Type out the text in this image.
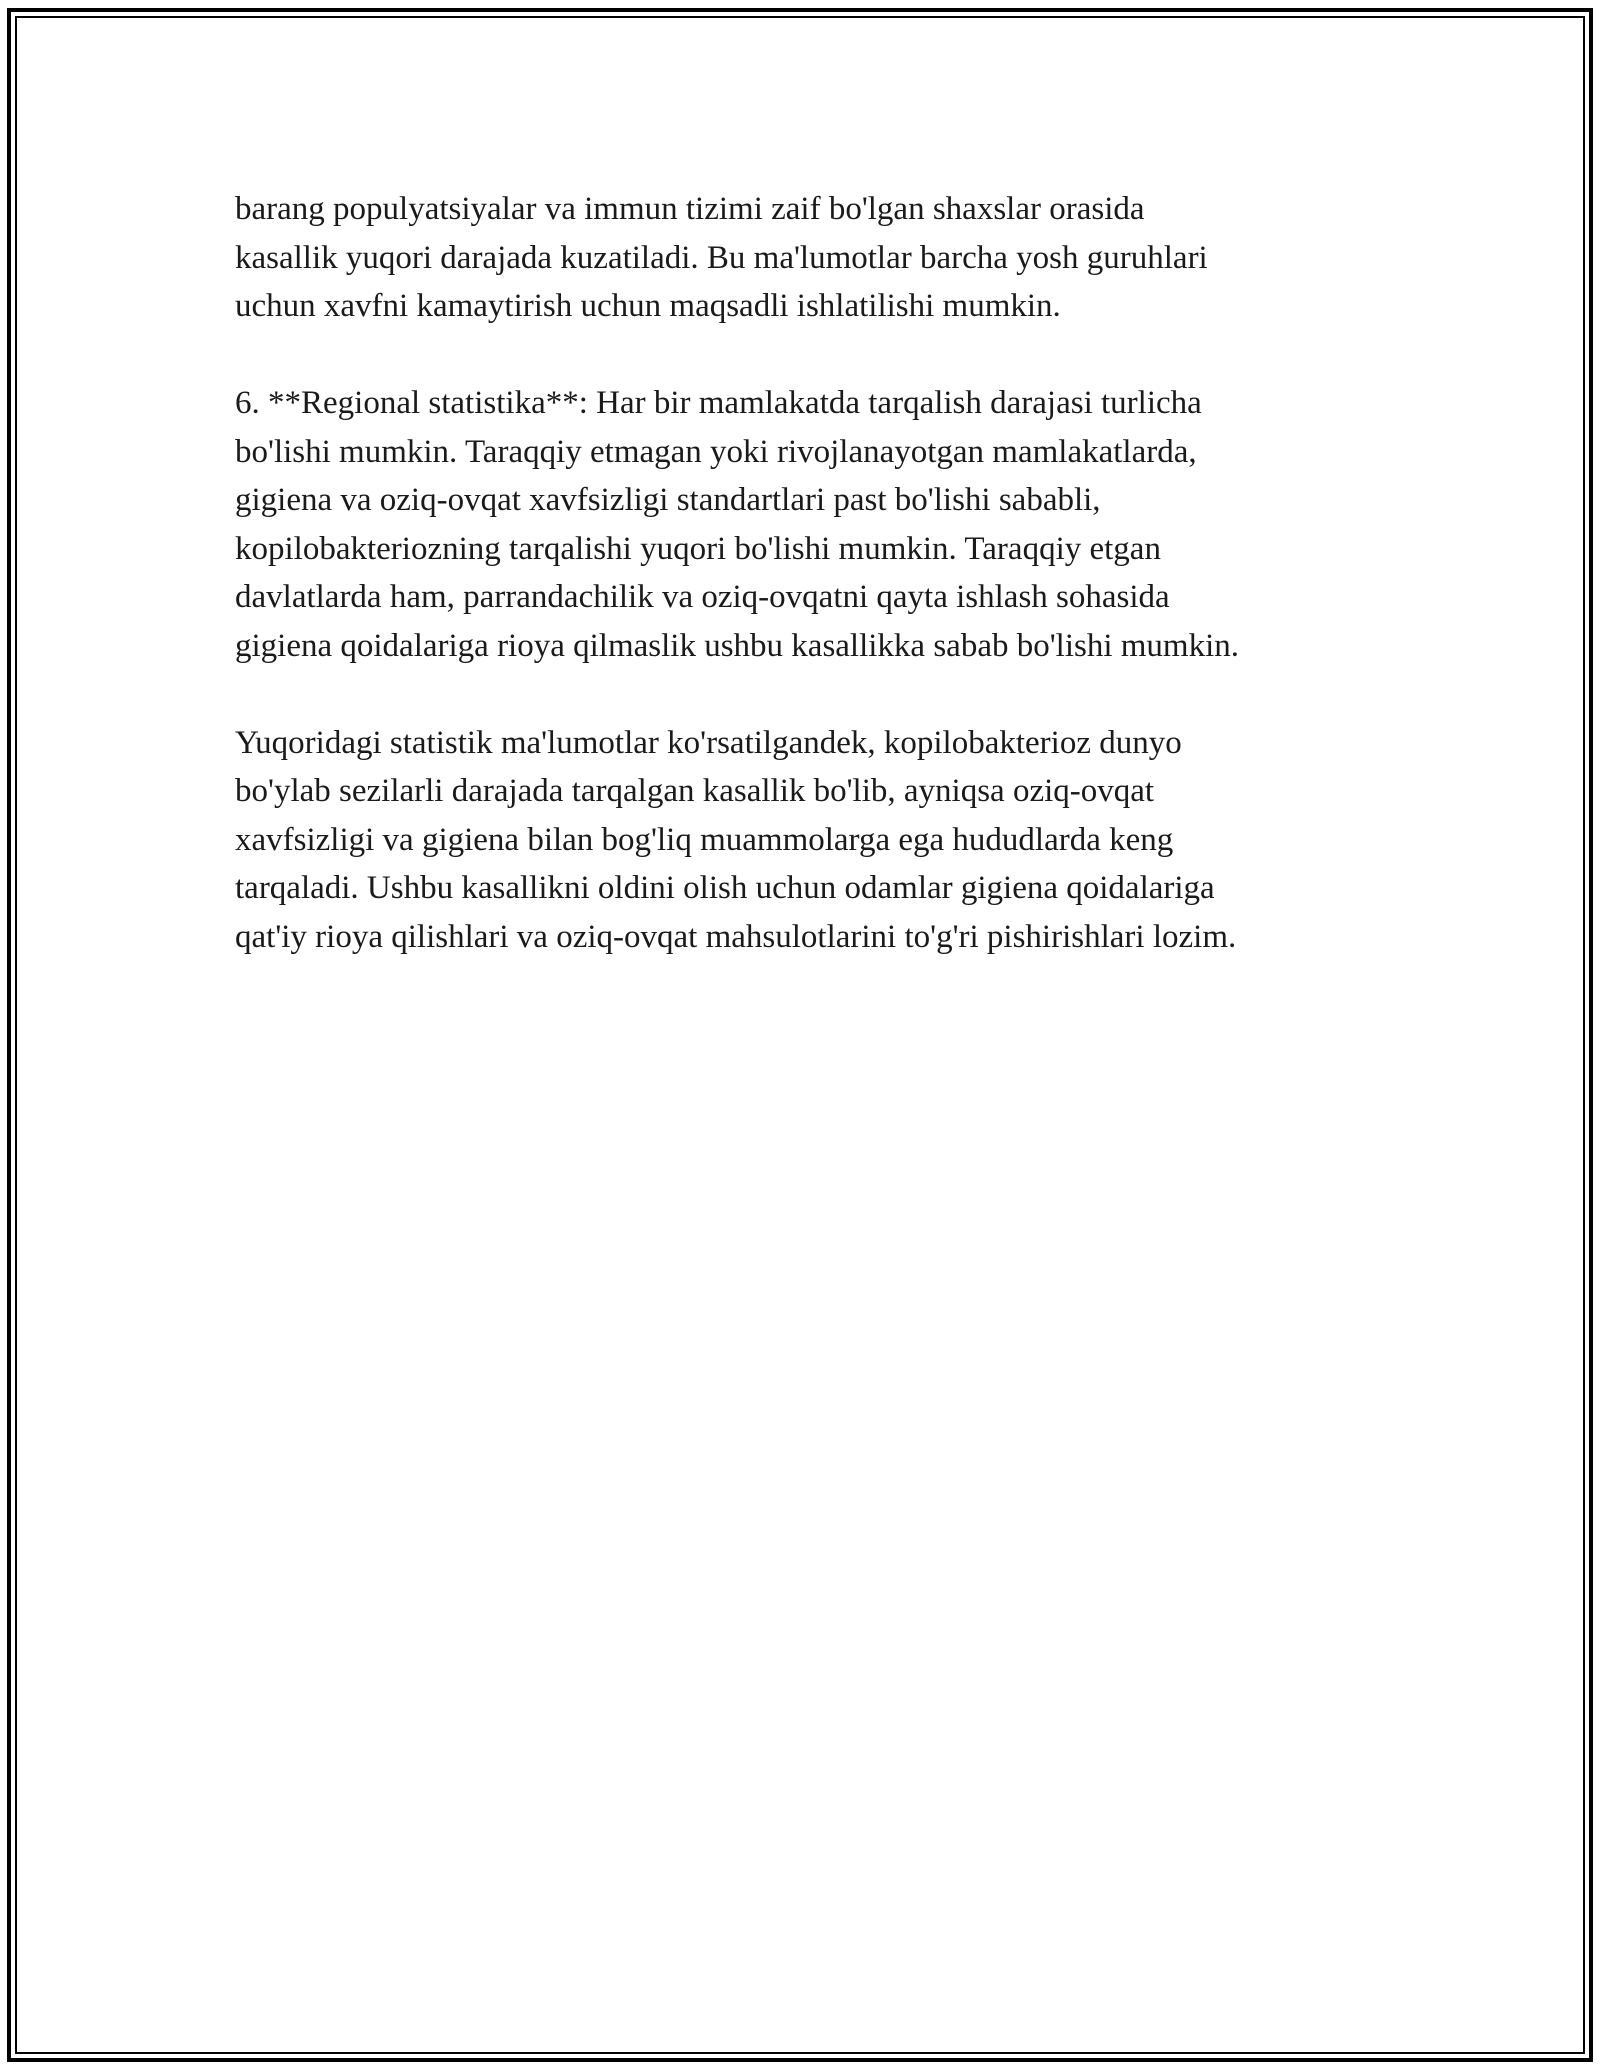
barang populyatsiyalar va immun tizimi zaif bo'lgan shaxslar orasida
kasallik yuqori darajada kuzatiladi. Bu ma'lumotlar barcha yosh guruhlari
uchun xavfni kamaytirish uchun maqsadli ishlatilishi mumkin.

6. **Regional statistika**: Har bir mamlakatda tarqalish darajasi turlicha
bo'lishi mumkin. Taraqqiy etmagan yoki rivojlanayotgan mamlakatlarda,
gigiena va oziq-ovqat xavfsizligi standartlari past bo'lishi sababli,
kopilobakteriozning tarqalishi yuqori bo'lishi mumkin. Taraqqiy etgan
davlatlarda ham, parrandachilik va oziq-ovqatni qayta ishlash sohasida
gigiena qoidalariga rioya qilmaslik ushbu kasallikka sabab bo'lishi mumkin.

Yuqoridagi statistik ma'lumotlar ko'rsatilgandek, kopilobakterioz dunyo
bo'ylab sezilarli darajada tarqalgan kasallik bo'lib, ayniqsa oziq-ovqat
xavfsizligi va gigiena bilan bog'liq muammolarga ega hududlarda keng
tarqaladi. Ushbu kasallikni oldini olish uchun odamlar gigiena qoidalariga
qat'iy rioya qilishlari va oziq-ovqat mahsulotlarini to'g'ri pishirishlari lozim.
